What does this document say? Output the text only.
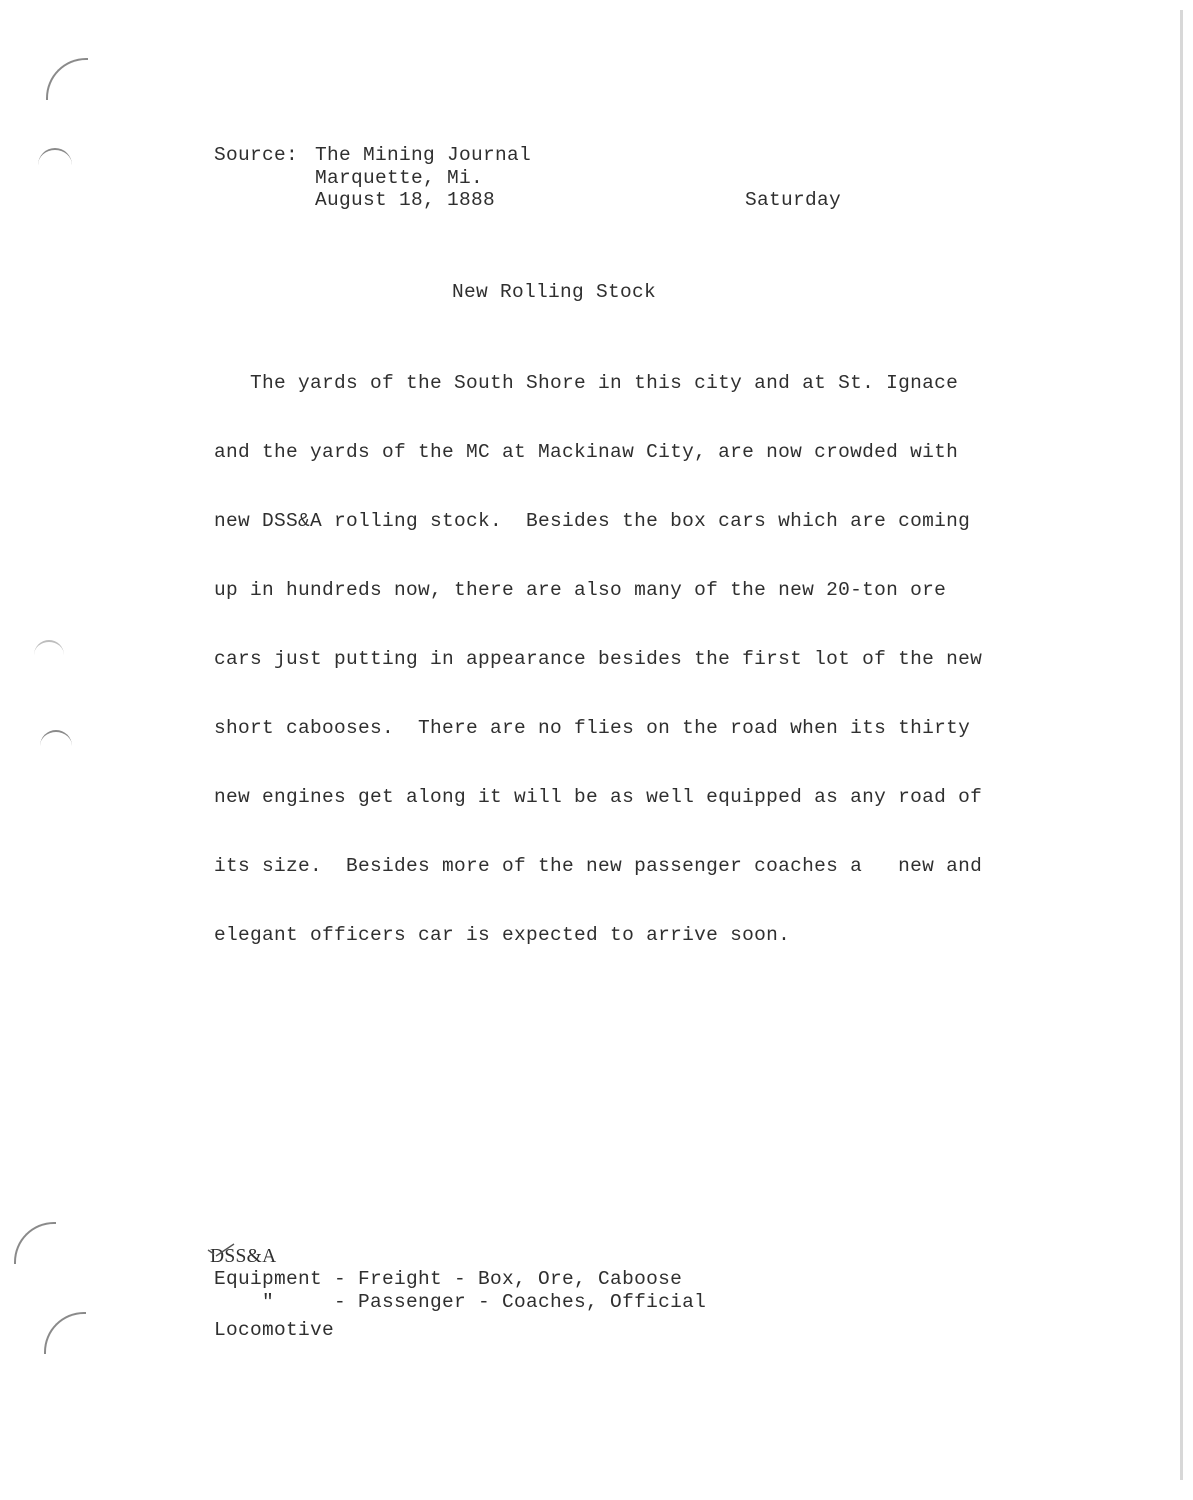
Source: The Mining Journal
Marquette, Mi.
August 18, 1888	Saturday
New Rolling Stock

The yards of the South Shore in this city and at St. Ignace

and the yards of the MC at Mackinaw City, are now crowded with

new DSS&A rolling stock.  Besides the box cars which are coming

up in hundreds now, there are also many of the new 20-ton ore

cars just putting in appearance besides the first lot of the new

short cabooses.  There are no flies on the road when its thirty

new engines get along it will be as well equipped as any road of

its size.  Besides more of the new passenger coaches a   new and

elegant officers car is expected to arrive soon.

DSS&A
Equipment - Freight - Box, Ore, Caboose
"     - Passenger - Coaches, Official
Locomotive
